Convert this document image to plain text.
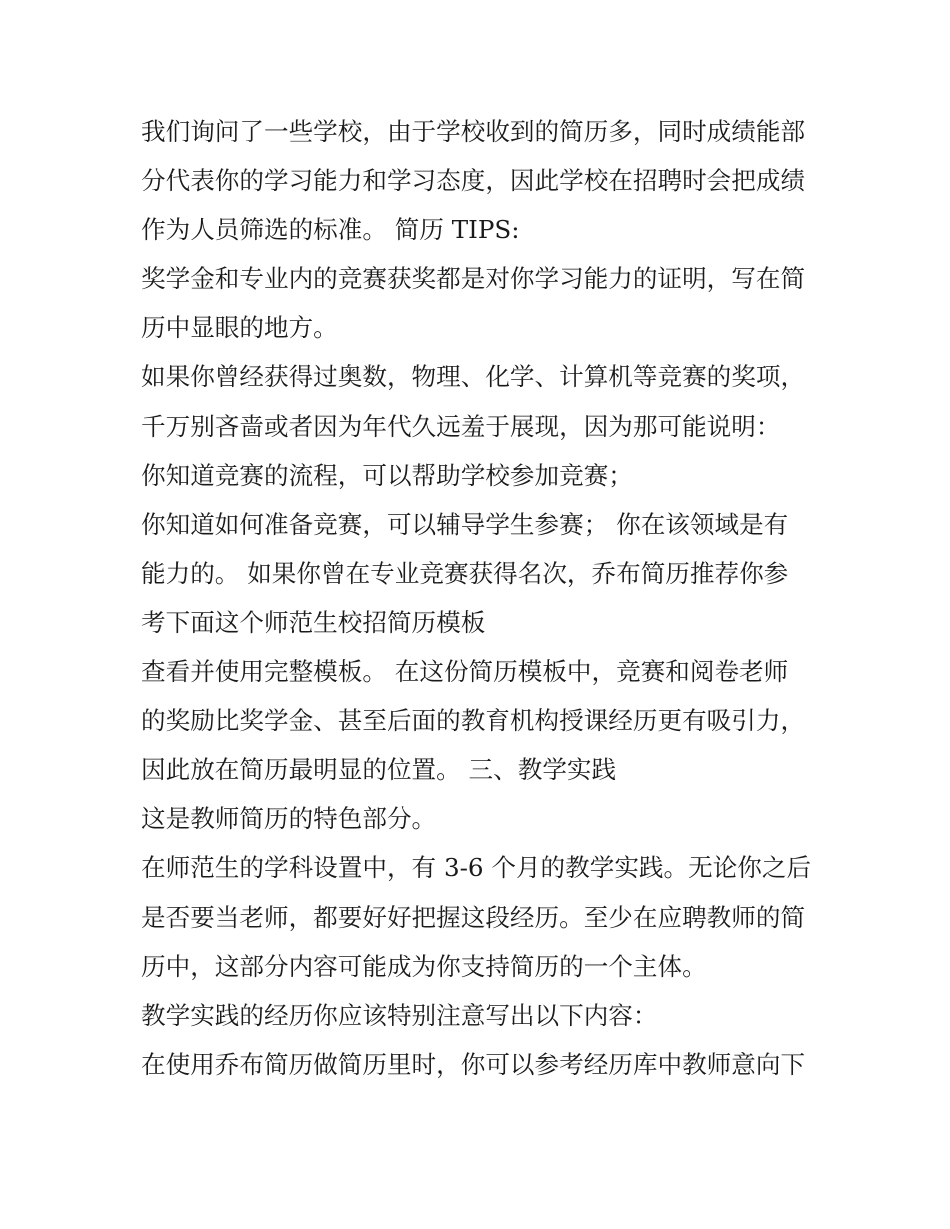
我们询问了一些学校，由于学校收到的简历多，同时成绩能部
分代表你的学习能力和学习态度，因此学校在招聘时会把成绩
作为人员筛选的标准。 简历 TIPS:
奖学金和专业内的竞赛获奖都是对你学习能力的证明，写在简
历中显眼的地方。
如果你曾经获得过奥数，物理、化学、计算机等竞赛的奖项，
千万别吝啬或者因为年代久远羞于展现，因为那可能说明：
你知道竞赛的流程，可以帮助学校参加竞赛；
你知道如何准备竞赛，可以辅导学生参赛； 你在该领域是有
能力的。 如果你曾在专业竞赛获得名次，乔布简历推荐你参
考下面这个师范生校招简历模板
查看并使用完整模板。 在这份简历模板中，竞赛和阅卷老师
的奖励比奖学金、甚至后面的教育机构授课经历更有吸引力，
因此放在简历最明显的位置。 三、教学实践
这是教师简历的特色部分。
在师范生的学科设置中，有 3-6 个月的教学实践。无论你之后
是否要当老师，都要好好把握这段经历。至少在应聘教师的简
历中，这部分内容可能成为你支持简历的一个主体。
教学实践的经历你应该特别注意写出以下内容：
在使用乔布简历做简历里时，你可以参考经历库中教师意向下
